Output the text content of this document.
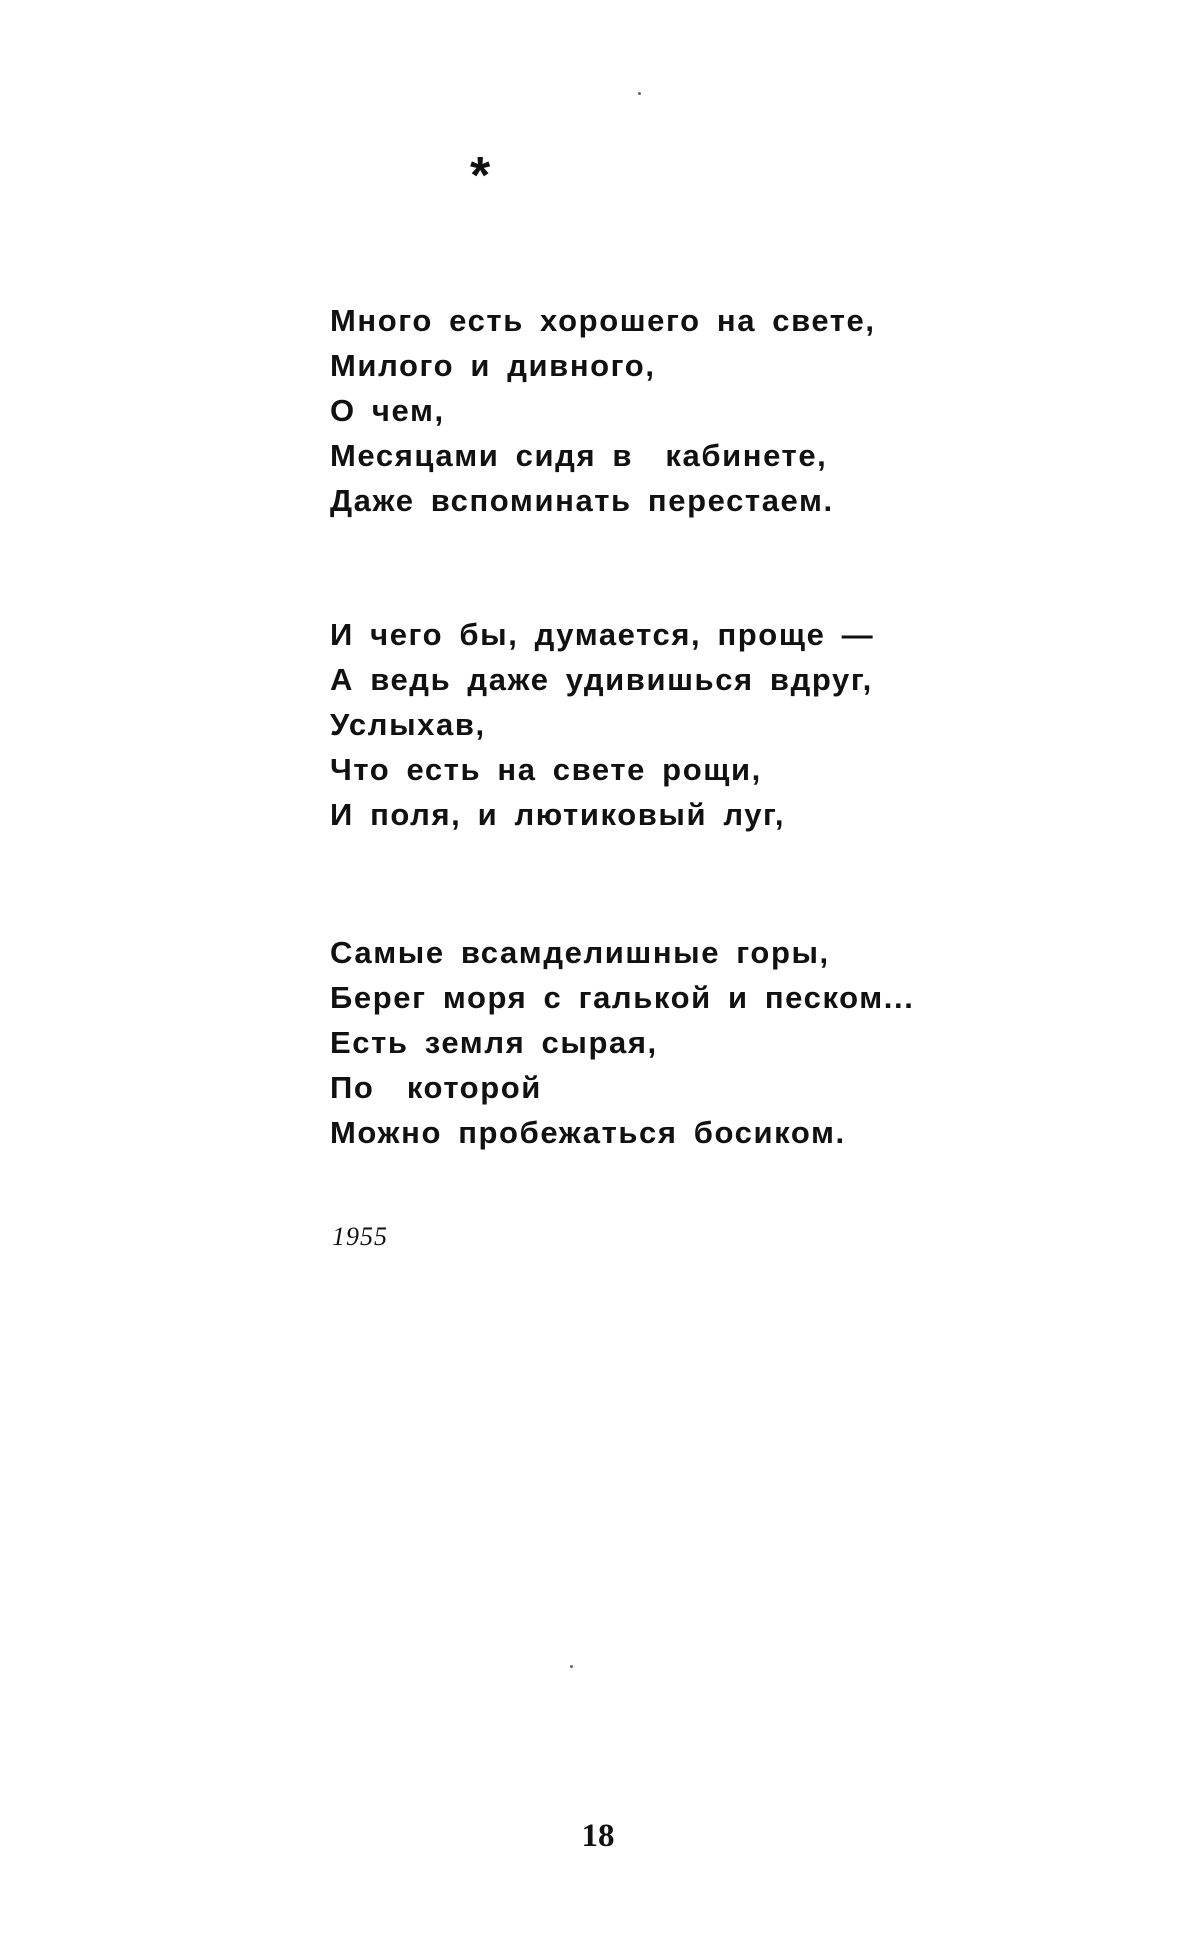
*
Много есть хорошего на свете,
Милого и дивного,
О чем,
Месяцами сидя в  кабинете,
Даже вспоминать перестаем.
И чего бы, думается, проще —
А ведь даже удивишься вдруг,
Услыхав,
Что есть на свете рощи,
И поля, и лютиковый луг,
Самые всамделишные горы,
Берег моря с галькой и песком...
Есть земля сырая,
По  которой
Можно пробежаться босиком.
1955
18
